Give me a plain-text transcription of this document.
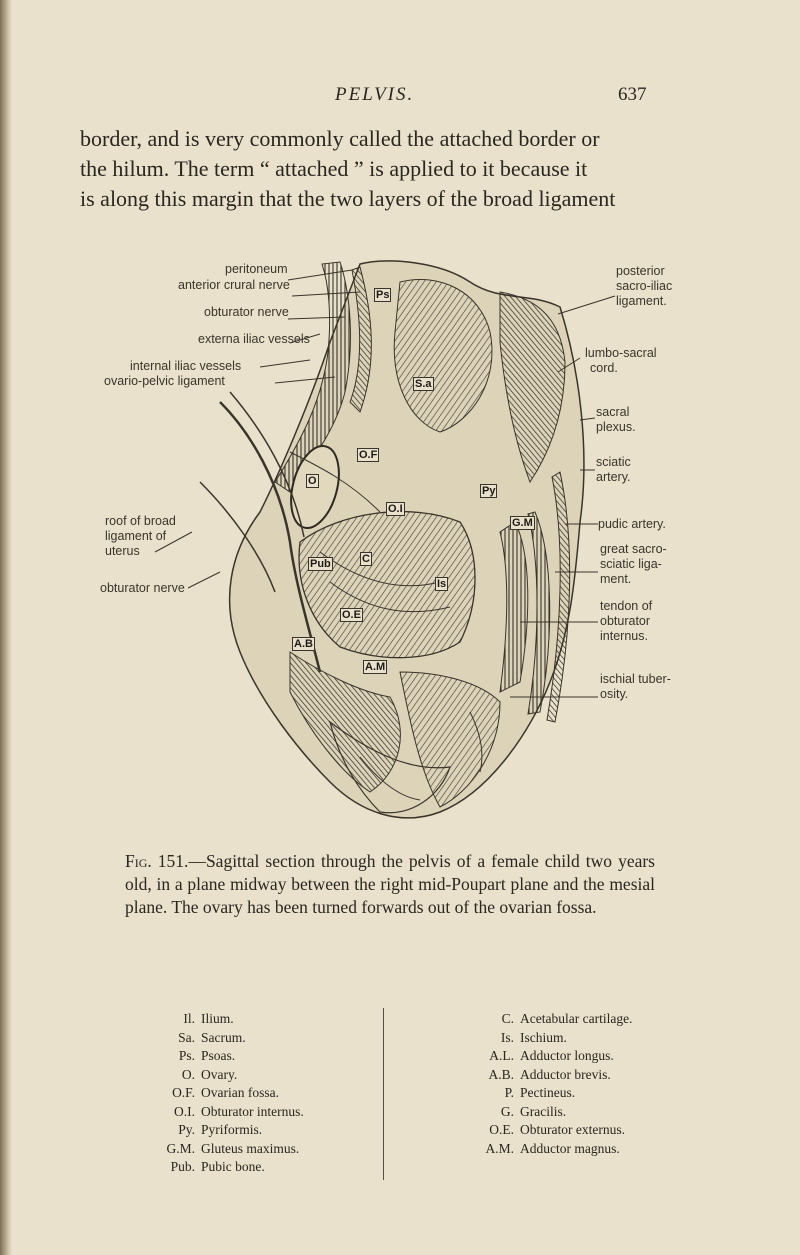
PELVIS.	637

border, and is very commonly called the attached border or

the hilum. The term “ attached ” is applied to it because it

is along this margin that the two layers of the broad ligament

peritoneum
anterior crural nerve
obturator nerve
externa iliac vessels
internal iliac vessels
ovario-pelvic ligament
roof of broad
ligament of
uterus
obturator nerve
posterior
sacro-iliac
ligament.
lumbo-sacral
cord.
sacral
plexus.
sciatic
artery.
pudic artery.
great sacro-
sciatic liga-
ment.
tendon of
obturator
internus.
ischial tuber-
osity.
Ps
S.a
O
O.F
Py
O.I
G.M
Pub	C
Is
O.E
A.B
A.M
Fig. 151.—Sagittal section through the pelvis of a female child two years old, in a plane midway between the right mid-Poupart plane and the mesial plane. The ovary has been turned forwards out of the ovarian fossa.
Il. Ilium.
Sa. Sacrum.
Ps. Psoas.
O. Ovary.
O.F. Ovarian fossa.
O.I. Obturator internus.
Py. Pyriformis.
G.M. Gluteus maximus.
Pub. Pubic bone.
C. Acetabular cartilage.
Is. Ischium.
A.L. Adductor longus.
A.B. Adductor brevis.
P. Pectineus.
G. Gracilis.
O.E. Obturator externus.
A.M. Adductor magnus.
